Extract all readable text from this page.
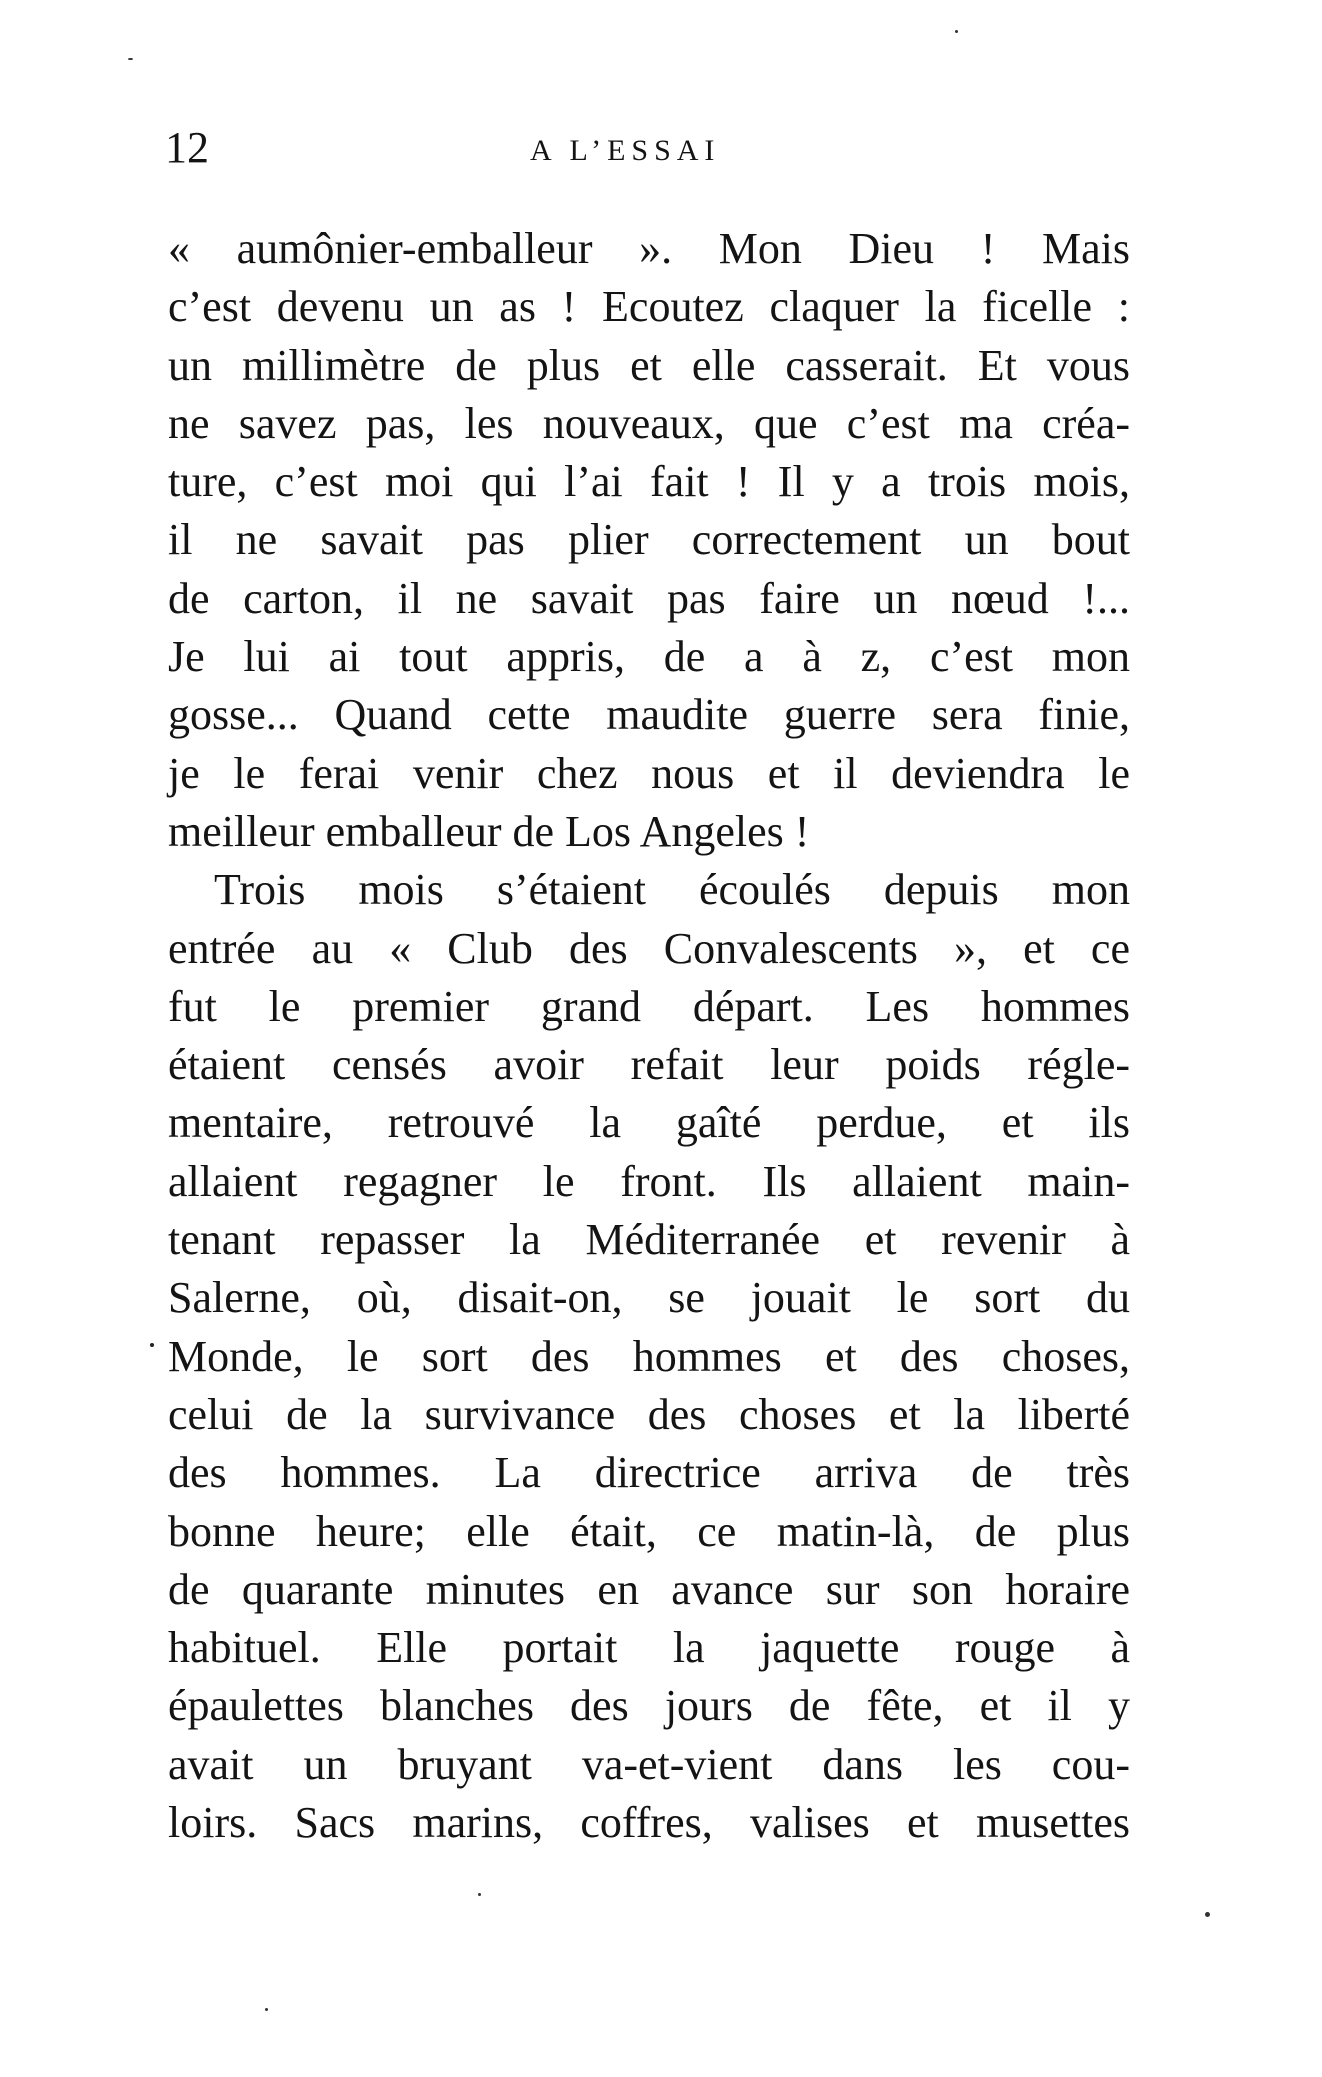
12	A L’ESSAI
« aumônier-emballeur ». Mon Dieu ! Mais
c’est devenu un as ! Ecoutez claquer la ficelle :
un millimètre de plus et elle casserait. Et vous
ne savez pas, les nouveaux, que c’est ma créa-
ture, c’est moi qui l’ai fait ! Il y a trois mois,
il ne savait pas plier correctement un bout
de carton, il ne savait pas faire un nœud !...
Je lui ai tout appris, de a à z, c’est mon
gosse... Quand cette maudite guerre sera finie,
je le ferai venir chez nous et il deviendra le
meilleur emballeur de Los Angeles !
Trois mois s’étaient écoulés depuis mon
entrée au « Club des Convalescents », et ce
fut le premier grand départ. Les hommes
étaient censés avoir refait leur poids régle-
mentaire, retrouvé la gaîté perdue, et ils
allaient regagner le front. Ils allaient main-
tenant repasser la Méditerranée et revenir à
Salerne, où, disait-on, se jouait le sort du
Monde, le sort des hommes et des choses,
celui de la survivance des choses et la liberté
des hommes. La directrice arriva de très
bonne heure; elle était, ce matin-là, de plus
de quarante minutes en avance sur son horaire
habituel. Elle portait la jaquette rouge à
épaulettes blanches des jours de fête, et il y
avait un bruyant va-et-vient dans les cou-
loirs. Sacs marins, coffres, valises et musettes
